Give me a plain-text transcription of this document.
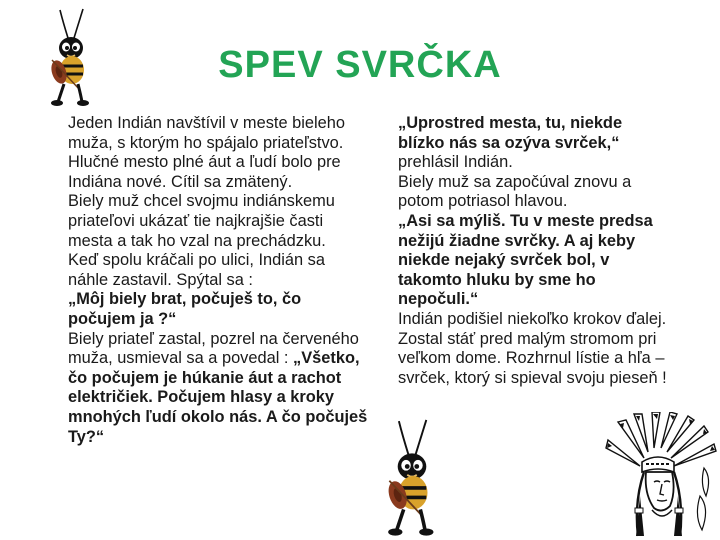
SPEV SVRČKA

Jeden Indián navštívil v meste bieleho muža, s ktorým ho spájalo priateľstvo.

Hlučné mesto plné áut a ľudí bolo pre Indiána nové. Cítil sa zmätený.

Biely muž chcel svojmu indiánskemu priateľovi ukázať tie najkrajšie časti mesta a tak ho vzal na prechádzku.

Keď spolu kráčali po ulici, Indián sa náhle zastavil. Spýtal sa :

„Môj biely brat, počuješ to, čo počujem ja ?“

Biely priateľ zastal, pozrel na červeného muža, usmieval sa a povedal : „Všetko, čo počujem je húkanie áut a rachot električiek. Počujem hlasy a kroky mnohých ľudí okolo nás. A čo počuješ Ty?“

„Uprostred mesta, tu, niekde blízko nás sa ozýva svrček,“

prehlásil Indián.

Biely muž sa započúval znovu a potom potriasol hlavou.

„Asi sa mýliš. Tu v meste predsa nežijú žiadne svrčky. A aj keby niekde nejaký svrček bol, v takomto hluku by sme ho nepočuli.“

Indián podišiel niekoľko krokov ďalej. Zostal stáť pred malým stromom pri veľkom dome. Rozhrnul lístie a hľa – svrček, ktorý si spieval svoju pieseň !
